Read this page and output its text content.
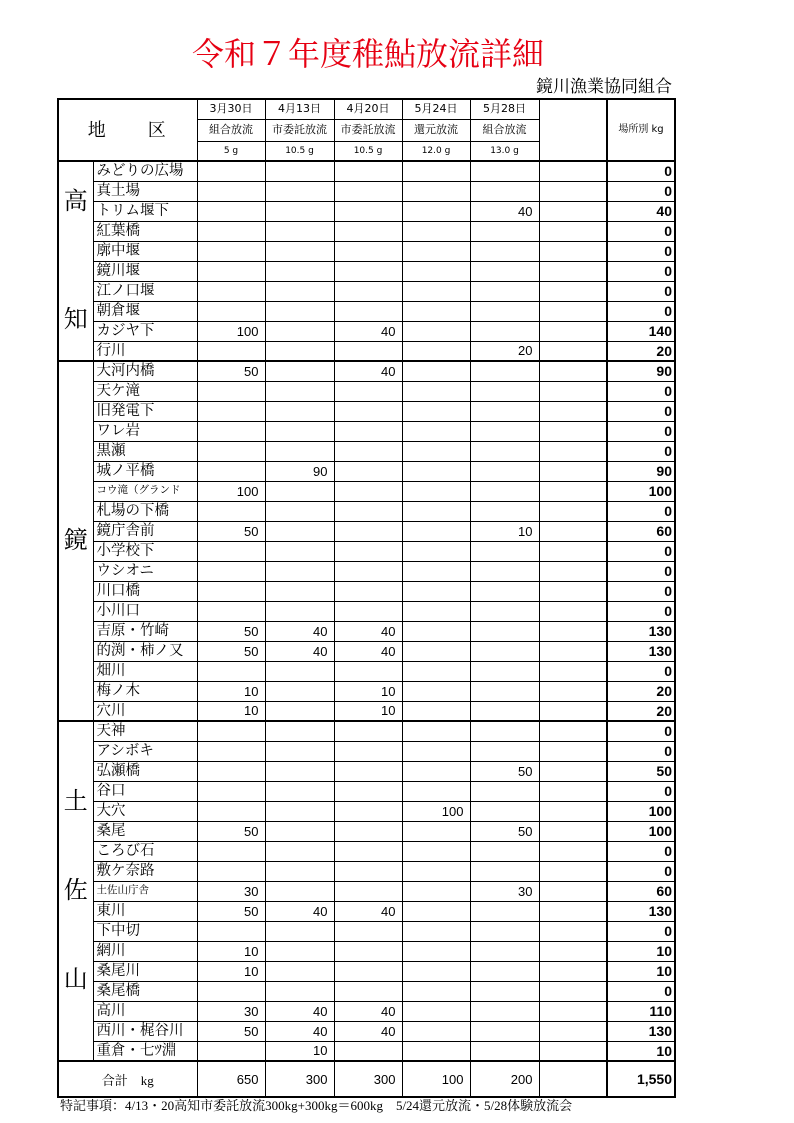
令和７年度稚鮎放流詳細
鏡川漁業協同組合
地　　区		3月30日	4月13日	4月20日	5月24日	5月28日		場所別 kg
		組合放流	市委託放流	市委託放流	還元放流	組合放流		
		5 g	10.5 g	10.5 g	12.0 g	13.0 g		

高
知	みどりの広場							0
	真土場							0
	トリム堰下					40		40
	紅葉橋							0
	廓中堰							0
	鏡川堰							0
	江ノ口堰							0
	朝倉堰							0
	カジヤ下	100		40				140
	行川					20		20

鏡	大河内橋	50		40				90
	天ケ滝							0
	旧発電下							0
	ワレ岩							0
	黒瀬							0
	城ノ平橋		90					90
	コウ滝（グランド	100						100
	札場の下橋							0
	鏡庁舎前	50				10		60
	小学校下							0
	ウシオニ							0
	川口橋							0
	小川口							0
	吉原・竹崎	50	40	40				130
	的渕・柿ノ又	50	40	40				130
	畑川							0
	梅ノ木	10		10				20
	穴川	10		10				20

土
佐
山	天神							0
	アシボキ							0
	弘瀬橋					50		50
	谷口							0
	大穴				100			100
	桑尾	50				50		100
	ころび石							0
	敷ケ奈路							0
	土佐山庁舎	30				30		60
	東川	50	40	40				130
	下中切							0
	網川	10						10
	桑尾川	10						10
	桑尾橋							0
	高川	30	40	40				110
	西川・梶谷川	50	40	40				130
	重倉・七ﾂ淵		10					10
合計　kg		650	300	300	100	200		1,550
特記事項：4/13・20高知市委託放流300kg+300kg＝600kg　5/24還元放流・5/28体験放流会
